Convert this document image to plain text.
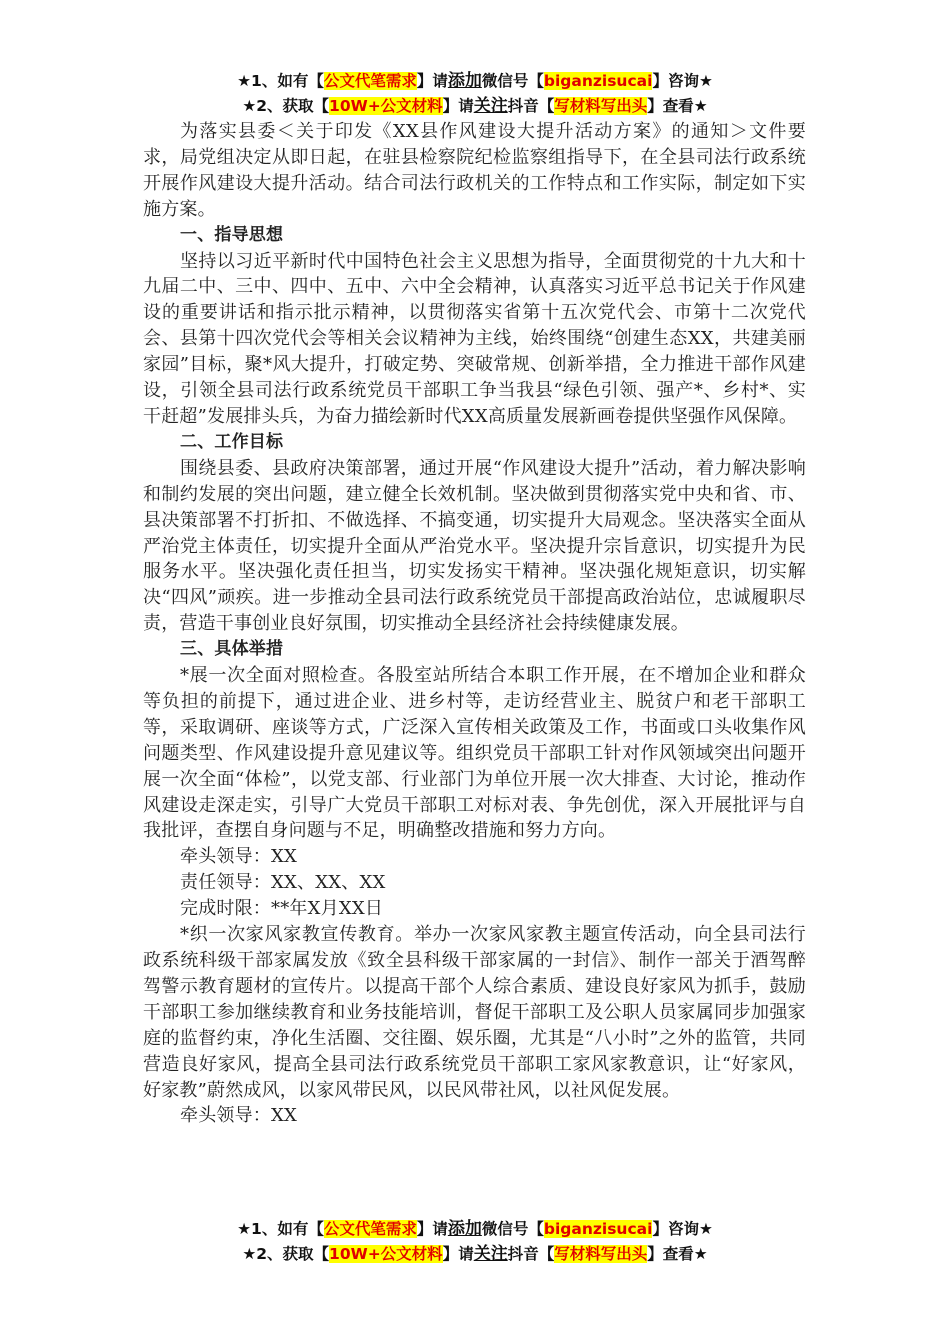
★1、如有【公文代笔需求】请添加微信号【biganzisucai】咨询★
★2、获取【10W+公文材料】请关注抖音【写材料写出头】查看★

为落实县委＜关于印发《XX县作风建设大提升活动方案》的通知＞文件要求，局党组决定从即日起，在驻县检察院纪检监察组指导下，在全县司法行政系统开展作风建设大提升活动。结合司法行政机关的工作特点和工作实际，制定如下实施方案。

一、指导思想

坚持以习近平新时代中国特色社会主义思想为指导，全面贯彻党的十九大和十九届二中、三中、四中、五中、六中全会精神，认真落实习近平总书记关于作风建设的重要讲话和指示批示精神，以贯彻落实省第十五次党代会、市第十二次党代会、县第十四次党代会等相关会议精神为主线，始终围绕“创建生态XX，共建美丽家园”目标，聚*风大提升，打破定势、突破常规、创新举措，全力推进干部作风建设，引领全县司法行政系统党员干部职工争当我县“绿色引领、强产*、乡村*、实干赶超”发展排头兵，为奋力描绘新时代XX高质量发展新画卷提供坚强作风保障。

二、工作目标

围绕县委、县政府决策部署，通过开展“作风建设大提升”活动，着力解决影响和制约发展的突出问题，建立健全长效机制。坚决做到贯彻落实党中央和省、市、县决策部署不打折扣、不做选择、不搞变通，切实提升大局观念。坚决落实全面从严治党主体责任，切实提升全面从严治党水平。坚决提升宗旨意识，切实提升为民服务水平。坚决强化责任担当，切实发扬实干精神。坚决强化规矩意识，切实解决“四风”顽疾。进一步推动全县司法行政系统党员干部提高政治站位，忠诚履职尽责，营造干事创业良好氛围，切实推动全县经济社会持续健康发展。

三、具体举措

*展一次全面对照检查。各股室站所结合本职工作开展，在不增加企业和群众等负担的前提下，通过进企业、进乡村等，走访经营业主、脱贫户和老干部职工等，采取调研、座谈等方式，广泛深入宣传相关政策及工作，书面或口头收集作风问题类型、作风建设提升意见建议等。组织党员干部职工针对作风领域突出问题开展一次全面“体检”，以党支部、行业部门为单位开展一次大排查、大讨论，推动作风建设走深走实，引导广大党员干部职工对标对表、争先创优，深入开展批评与自我批评，查摆自身问题与不足，明确整改措施和努力方向。

牵头领导：XX

责任领导：XX、XX、XX

完成时限：**年X月XX日

*织一次家风家教宣传教育。举办一次家风家教主题宣传活动，向全县司法行政系统科级干部家属发放《致全县科级干部家属的一封信》、制作一部关于酒驾醉驾警示教育题材的宣传片。以提高干部个人综合素质、建设良好家风为抓手，鼓励干部职工参加继续教育和业务技能培训，督促干部职工及公职人员家属同步加强家庭的监督约束，净化生活圈、交往圈、娱乐圈，尤其是“八小时”之外的监管，共同营造良好家风，提高全县司法行政系统党员干部职工家风家教意识，让“好家风，好家教”蔚然成风，以家风带民风，以民风带社风，以社风促发展。

牵头领导：XX

★1、如有【公文代笔需求】请添加微信号【biganzisucai】咨询★
★2、获取【10W+公文材料】请关注抖音【写材料写出头】查看★
